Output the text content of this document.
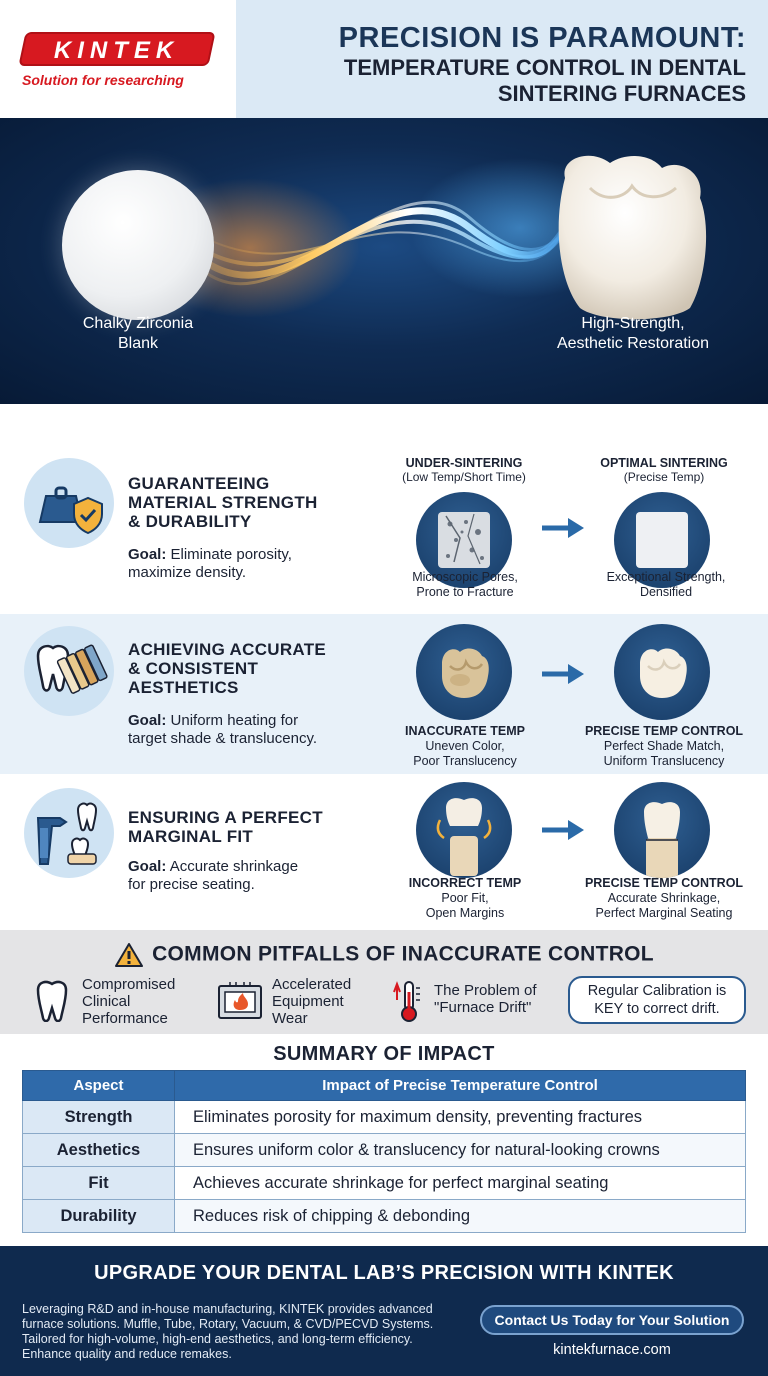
KINTEK
Solution for researching
PRECISION IS PARAMOUNT:
TEMPERATURE CONTROL IN DENTAL
SINTERING FURNACES
Chalky Zirconia
Blank
High-Strength,
Aesthetic Restoration
GUARANTEEING
MATERIAL STRENGTH
& DURABILITY
Goal: Eliminate porosity,
maximize density.
UNDER-SINTERING
(Low Temp/Short Time)
OPTIMAL SINTERING
(Precise Temp)
Microscopic Pores,
Prone to Fracture
Exceptional Strength,
Densified
ACHIEVING ACCURATE
& CONSISTENT
AESTHETICS
Goal: Uniform heating for
target shade & translucency.	INACCURATE TEMP
Uneven Color,
Poor Translucency
PRECISE TEMP CONTROL
Perfect Shade Match,
Uniform Translucency
ENSURING A PERFECT
MARGINAL FIT
Goal: Accurate shrinkage
for precise seating.	INCORRECT TEMP
Poor Fit,
Open Margins
PRECISE TEMP CONTROL
Accurate Shrinkage,
Perfect Marginal Seating
COMMON PITFALLS OF INACCURATE CONTROL
Compromised
Clinical
Performance
Accelerated
Equipment
Wear
The Problem of
"Furnace Drift"
Regular Calibration is
KEY to correct drift.
SUMMARY OF IMPACT
Aspect	Impact of Precise Temperature Control
Strength	Eliminates porosity for maximum density, preventing fractures
Aesthetics	Ensures uniform color & translucency for natural-looking crowns
Fit	Achieves accurate shrinkage for perfect marginal seating
Durability	Reduces risk of chipping & debonding
UPGRADE YOUR DENTAL LAB’S PRECISION WITH KINTEK
Leveraging R&D and in-house manufacturing, KINTEK provides advanced furnace solutions. Muffle, Tube, Rotary, Vacuum, & CVD/PECVD Systems. Tailored for high-volume, high-end aesthetics, and long-term efficiency. Enhance quality and reduce remakes.
Contact Us Today for Your Solution
kintekfurnace.com
